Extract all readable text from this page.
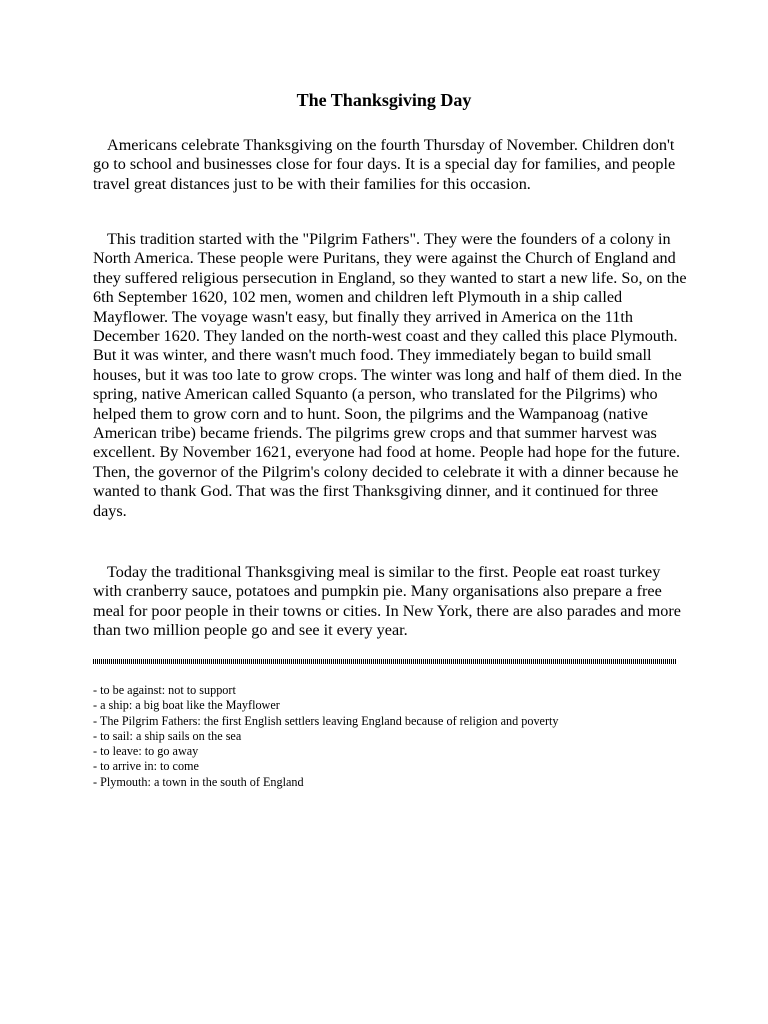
The Thanksgiving Day

Americans celebrate Thanksgiving on the fourth Thursday of November. Children don't go to school and businesses close for four days. It is a special day for families, and people travel great distances just to be with their families for this occasion.

This tradition started with the "Pilgrim Fathers". They were the founders of a colony in North America. These people were Puritans, they were against the Church of England and they suffered religious persecution in England, so they wanted to start a new life. So, on the 6th September 1620, 102 men, women and children left Plymouth in a ship called Mayflower. The voyage wasn't easy, but finally they arrived in America on the 11th December 1620. They landed on the north-west coast and they called this place Plymouth. But it was winter, and there wasn't much food. They immediately began to build small houses, but it was too late to grow crops. The winter was long and half of them died. In the spring, native American called Squanto (a person, who translated for the Pilgrims) who helped them to grow corn and to hunt. Soon, the pilgrims and the Wampanoag (native American tribe) became friends. The pilgrims grew crops and that summer harvest was excellent. By November 1621, everyone had food at home. People had hope for the future. Then, the governor of the Pilgrim's colony decided to celebrate it with a dinner because he wanted to thank God. That was the first Thanksgiving dinner, and it continued for three days.

Today the traditional Thanksgiving meal is similar to the first. People eat roast turkey with cranberry sauce, potatoes and pumpkin pie. Many organisations also prepare a free meal for poor people in their towns or cities. In New York, there are also parades and more than two million people go and see it every year.

- to be against: not to support
- a ship: a big boat like the Mayflower
- The Pilgrim Fathers: the first English settlers leaving England because of religion and poverty
- to sail: a ship sails on the sea
- to leave: to go away
- to arrive in: to come
- Plymouth: a town in the south of England
